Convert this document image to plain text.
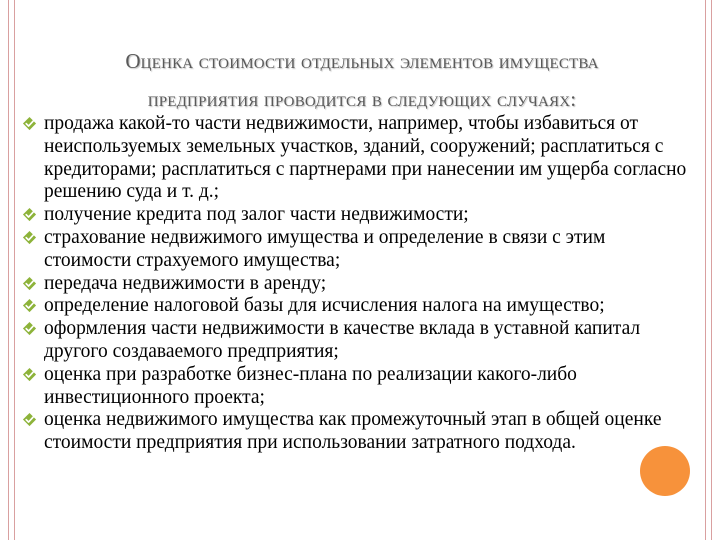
Оценка стоимости отдельных элементов имущества
предприятия проводится в следующих случаях:
продажа какой-то части недвижимости, например, чтобы избавиться от неиспользуемых земельных участков, зданий, сооружений; расплатиться с кредиторами; расплатиться с партнерами при нанесении им ущерба согласно решению суда и т. д.;
получение кредита под залог части недвижимости;
страхование недвижимого имущества и определение в связи с этим стоимости страхуемого имущества;
передача недвижимости в аренду;
определение налоговой базы для исчисления налога на имущество;
оформления части недвижимости в качестве вклада в уставной капитал другого создаваемого предприятия;
оценка при разработке бизнес-плана по реализации какого-либо инвестиционного проекта;
оценка недвижимого имущества как промежуточный этап в общей оценке стоимости предприятия при использовании затратного подхода.
